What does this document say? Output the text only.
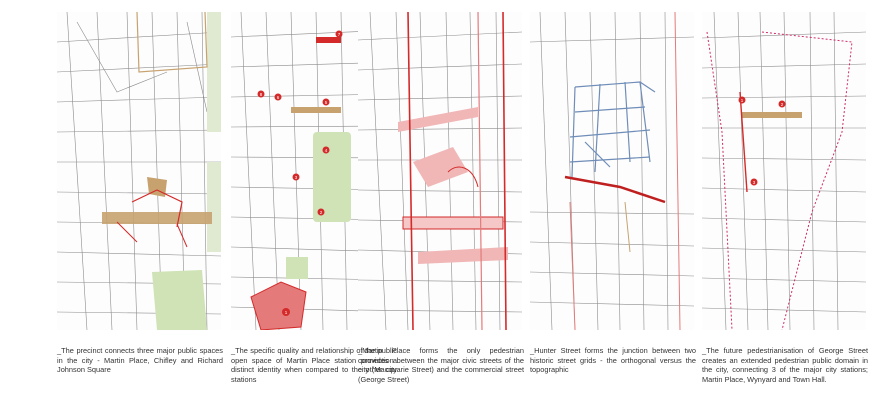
1
2
3
4
5
6
7
8
1
2
3
_The precinct connects three major public spaces in the city - Martin Place, Chifley and Richard Johnson Square
_The specific quality and relationship of the public open space of Martin Place station provides a distinct identity when compared to the other city stations
_Martin Place forms the only pedestrian connection between the major civic streets of the city (Macquarie Street) and the commercial street (George Street)
_Hunter Street forms the junction between two historic street grids - the orthogonal versus the topographic
_The future pedestrianisation of George Street creates an extended pedestrian public domain in the city, connecting 3 of the major city stations; Martin Place, Wynyard and Town Hall.
